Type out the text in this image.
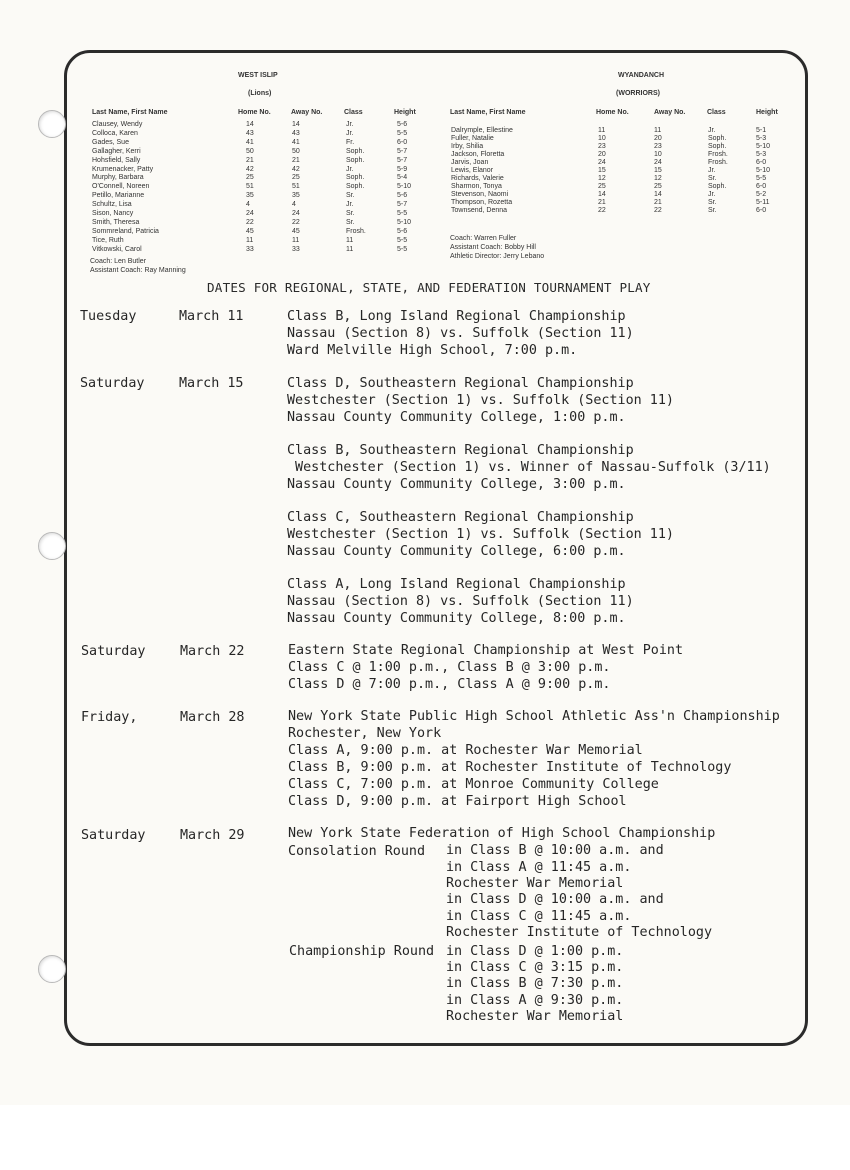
​
WEST ISLIP
(Lions)
Last Name, First Name	Home No.	Away No.	Class	Height
Clausey, Wendy	14	14	Jr.	5-6
Colloca, Karen	43	43	Jr.	5-5
Gades, Sue	41	41	Fr.	6-0
Gallagher, Kerri	50	50	Soph.	5-7
Hohsfield, Sally	21	21	Soph.	5-7
Krumenacker, Patty	42	42	Jr.	5-9
Murphy, Barbara	25	25	Soph.	5-4
O'Connell, Noreen	51	51	Soph.	5-10
Petillo, Marianne	35	35	Sr.	5-6
Schultz, Lisa	4	4	Jr.	5-7
Sison, Nancy	24	24	Sr.	5-5
Smith, Theresa	22	22	Sr.	5-10
Sommreland, Patricia	45	45	Frosh.	5-6
Tice, Ruth	11	11	11	5-5
Vitkowski, Carol	33	33	11	5-5
Coach: Len Butler
Assistant Coach: Ray Manning
WYANDANCH
(WORRIORS)
Last Name, First Name	Home No.	Away No.	Class	Height
Dalrymple, Ellestine	11	11	Jr.	5-1
Fuller, Natalie	10	20	Soph.	5-3
Irby, Shilia	23	23	Soph.	5-10
Jackson, Floretta	20	10	Frosh.	5-3
Jarvis, Joan	24	24	Frosh.	6-0
Lewis, Elanor	15	15	Jr.	5-10
Richards, Valerie	12	12	Sr.	5-5
Sharmon, Tonya	25	25	Soph.	6-0
Stevenson, Naomi	14	14	Jr.	5-2
Thompson, Rozetta	21	21	Sr.	5-11
Townsend, Denna	22	22	Sr.	6-0
Coach: Warren Fuller
Assistant Coach: Bobby Hill
Athletic Director: Jerry Lebano
DATES FOR REGIONAL, STATE, AND FEDERATION TOURNAMENT PLAY
Tuesday	March 11	Class B, Long Island Regional Championship
Nassau (Section 8) vs. Suffolk (Section 11)
Ward Melville High School, 7:00 p.m.
Saturday	March 15	Class D, Southeastern Regional Championship
Westchester (Section 1) vs. Suffolk (Section 11)
Nassau County Community College, 1:00 p.m.
Class B, Southeastern Regional Championship
Westchester (Section 1) vs. Winner of Nassau-Suffolk (3/11)
Nassau County Community College, 3:00 p.m.
Class C, Southeastern Regional Championship
Westchester (Section 1) vs. Suffolk (Section 11)
Nassau County Community College, 6:00 p.m.
Class A, Long Island Regional Championship
Nassau (Section 8) vs. Suffolk (Section 11)
Nassau County Community College, 8:00 p.m.
Saturday	March 22	Eastern State Regional Championship at West Point
Class C @ 1:00 p.m., Class B @ 3:00 p.m.
Class D @ 7:00 p.m., Class A @ 9:00 p.m.
Friday,	March 28	New York State Public High School Athletic Ass'n Championship
Rochester, New York
Class A, 9:00 p.m. at Rochester War Memorial
Class B, 9:00 p.m. at Rochester Institute of Technology
Class C, 7:00 p.m. at Monroe Community College
Class D, 9:00 p.m. at Fairport High School
Saturday	March 29	New York State Federation of High School Championship
Consolation Round in Class B @ 10:00 a.m. and
in Class A @ 11:45 a.m.
Rochester War Memorial
in Class D @ 10:00 a.m. and
in Class C @ 11:45 a.m.
Rochester Institute of Technology
Championship Round in Class D @ 1:00 p.m.
in Class C @ 3:15 p.m.
in Class B @ 7:30 p.m.
in Class A @ 9:30 p.m.
Rochester War Memorial
